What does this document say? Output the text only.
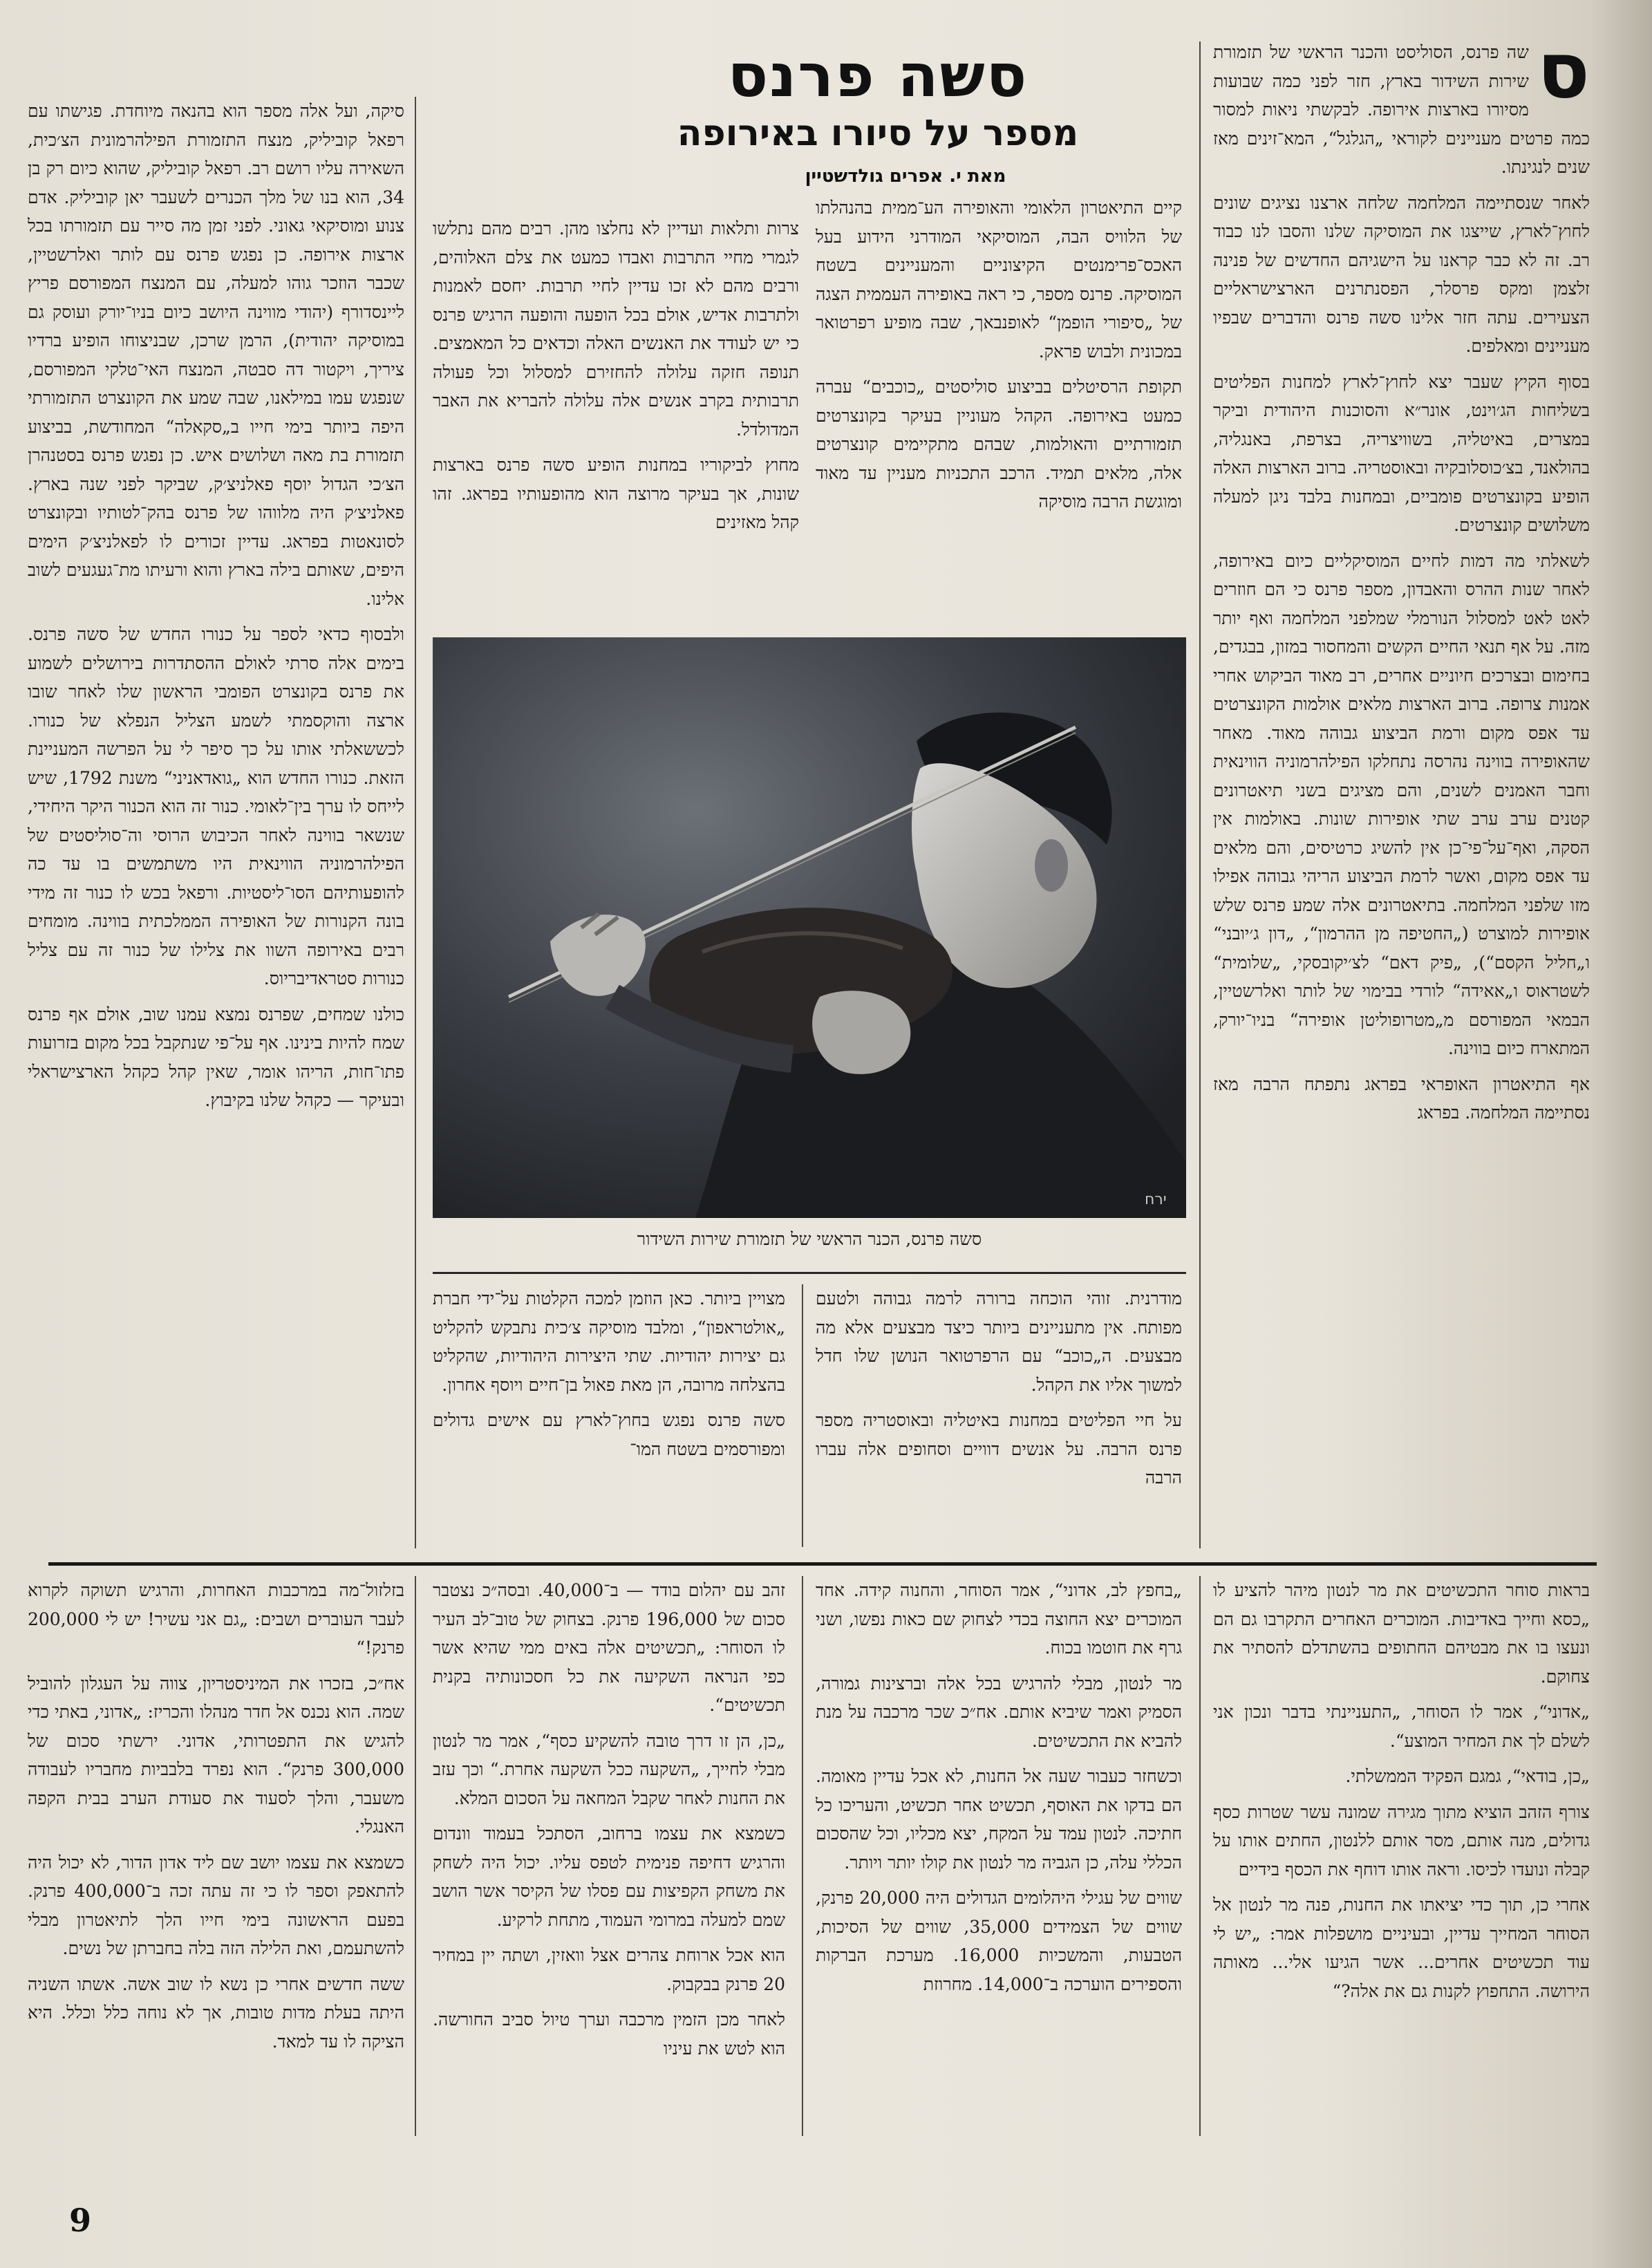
סשה פרנס
מספר על סיורו באירופה
מאת י. אפרים גולדשטיין
ס

שה פרנס, הסוליסט והכנר הראשי של תזמורת שירות השידור בארץ, חזר לפני כמה שבועות מסיורו בארצות אירופה. לבקשתי ניאות למסור כמה פרטים מעניינים לקוראי „הגלגל“, המא־זינים מאז שנים לנגינתו.

לאחר שנסתיימה המלחמה שלחה ארצנו נציגים שונים לחוץ־לארץ, שייצגו את המוסיקה שלנו והסבו לנו כבוד רב. זה לא כבר קראנו על הישגיהם החדשים של פנינה זלצמן ומקס פרסלר, הפסנתרנים הארצישראליים הצעירים. עתה חזר אלינו סשה פרנס והדברים שבפיו מעניינים ומאלפים.

בסוף הקיץ שעבר יצא לחוץ־לארץ למחנות הפליטים בשליחות הג׳וינט, אונר״א והסוכנות היהודית וביקר במצרים, באיטליה, בשוויצריה, בצרפת, באנגליה, בהולאנד, בצ׳כוסלובקיה ובאוסטריה. ברוב הארצות האלה הופיע בקונצרטים פומביים, ובמחנות בלבד ניגן למעלה משלושים קונצרטים.

לשאלתי מה דמות לחיים המוסיקליים כיום באירופה, לאחר שנות ההרס והאבדון, מספר פרנס כי הם חוזרים לאט לאט למסלול הנורמלי שמלפני המלחמה ואף יותר מזה. על אף תנאי החיים הקשים והמחסור במזון, בבגדים, בחימום ובצרכים חיוניים אחרים, רב מאוד הביקוש אחרי אמנות צרופה. ברוב הארצות מלאים אולמות הקונצרטים עד אפס מקום ורמת הביצוע גבוהה מאוד. מאחר שהאופירה בווינה נהרסה נתחלקו הפילהרמוניה הווינאית וחבר האמנים לשנים, והם מציגים בשני תיאטרונים קטנים ערב ערב שתי אופירות שונות. באולמות אין הסקה, ואף־על־פי־כן אין להשיג כרטיסים, והם מלאים עד אפס מקום, ואשר לרמת הביצוע הריהי גבוהה אפילו מזו שלפני המלחמה. בתיאטרונים אלה שמע פרנס שלש אופירות למוצרט („החטיפה מן ההרמון“, „דון ג׳יובני“ ו„חליל הקסם“), „פיק דאם“ לצ׳יקובסקי, „שלומית“ לשטראוס ו„אאידה“ לורדי בבימוי של לותר ואלרשטיין, הבמאי המפורסם מ„מטרופוליטן אופירה“ בניו־יורק, המתארח כיום בווינה.

אף התיאטרון האופראי בפראג נתפתח הרבה מאז נסתיימה המלחמה. בפראג

קיים התיאטרון הלאומי והאופירה הע־ממית בהנהלתו של הלוויס הבה, המוסיקאי המודרני הידוע בעל האכס־פרימנטים הקיצוניים והמעניינים בשטח המוסיקה. פרנס מספר, כי ראה באופירה העממית הצגה של „סיפורי הופמן“ לאופנבאך, שבה מופיע רפרטואר במכונית ולבוש פראק.

תקופת הרסיטלים בביצוע סוליסטים „כוכבים“ עברה כמעט באירופה. הקהל מעוניין בעיקר בקונצרטים תזמורתיים והאולמות, שבהם מתקיימים קונצרטים אלה, מלאים תמיד. הרכב התכניות מעניין עד מאוד ומוגשת הרבה מוסיקה

צרות ותלאות ועדיין לא נחלצו מהן. רבים מהם נתלשו לגמרי מחיי התרבות ואבדו כמעט את צלם האלוהים, ורבים מהם לא זכו עדיין לחיי תרבות. יחסם לאמנות ולתרבות אדיש, אולם בכל הופעה והופעה הרגיש פרנס כי יש לעודד את האנשים האלה וכדאים כל המאמצים. תנופה חזקה עלולה להחזירם למסלול וכל פעולה תרבותית בקרב אנשים אלה עלולה להבריא את האבר המדולדל.

מחוץ לביקוריו במחנות הופיע סשה פרנס בארצות שונות, אך בעיקר מרוצה הוא מהופעותיו בפראג. זהו קהל מאזינים

סיקה, ועל אלה מספר הוא בהנאה מיוחדת. פגישתו עם רפאל קוביליק, מנצח התזמורת הפילהרמונית הצ׳כית, השאירה עליו רושם רב. רפאל קוביליק, שהוא כיום רק בן 34, הוא בנו של מלך הכנרים לשעבר יאן קוביליק. אדם צנוע ומוסיקאי גאוני. לפני זמן מה סייר עם תזמורתו בכל ארצות אירופה. כן נפגש פרנס עם לותר ואלרשטיין, שכבר הוזכר גוהו למעלה, עם המנצח המפורסם פריץ ליינסדורף (יהודי מווינה היושב כיום בניו־יורק ועוסק גם במוסיקה יהודית), הרמן שרכן, שבניצוחו הופיע ברדיו ציריך, ויקטור דה סבטה, המנצח האי־טלקי המפורסם, שנפגש עמו במילאנו, שבה שמע את הקונצרט התזמורתי היפה ביותר בימי חייו ב„סקאלה“ המחודשת, בביצוע תזמורת בת מאה ושלושים איש. כן נפגש פרנס בסטנהרן הצ׳כי הגדול יוסף פאלניצ׳ק, שביקר לפני שנה בארץ. פאלניצ׳ק היה מלווהו של פרנס בהק־לטותיו ובקונצרט לסונאטות בפראג. עדיין זכורים לו לפאלניצ׳ק הימים היפים, שאותם בילה בארץ והוא ורעיתו מת־געגעים לשוב אלינו.

ולבסוף כדאי לספר על כנורו החדש של סשה פרנס. בימים אלה סרתי לאולם ההסתדרות בירושלים לשמוע את פרנס בקונצרט הפומבי הראשון שלו לאחר שובו ארצה והוקסמתי לשמע הצליל הנפלא של כנורו. לכששאלתי אותו על כך סיפר לי על הפרשה המעניינת הזאת. כנורו החדש הוא „גואדאניני“ משנת 1792, שיש לייחס לו ערך בין־לאומי. כנור זה הוא הכנור היקר היחידי, שנשאר בווינה לאחר הכיבוש הרוסי וה־סוליסטים של הפילהרמוניה הווינאית היו משתמשים בו עד כה להופעותיהם הסו־ליסטיות. ורפאל בכש לו כנור זה מידי בונה הקנורות של האופירה הממלכתית בווינה. מומחים רבים באירופה השוו את צלילו של כנור זה עם צליל כנורות סטראדיבריוס.

כולנו שמחים, שפרנס נמצא עמנו שוב, אולם אף פרנס שמח להיות בינינו. אף על־פי שנתקבל בכל מקום בזרועות פתו־חות, הריהו אומר, שאין קהל כקהל הארצישראלי ובעיקר — כקהל שלנו בקיבוץ.

ירח
סשה פרנס, הכנר הראשי של תזמורת שירות השידור

מודרנית. זוהי הוכחה ברורה לרמה גבוהה ולטעם מפותח. אין מתעניינים ביותר כיצד מבצעים אלא מה מבצעים. ה„כוכב“ עם הרפרטואר הנושן שלו חדל למשוך אליו את הקהל.

על חיי הפליטים במחנות באיטליה ובאוסטריה מספר פרנס הרבה. על אנשים דוויים וסחופים אלה עברו הרבה

מצויין ביותר. כאן הוזמן למכה הקלטות על־ידי חברת „אולטראפון“, ומלבד מוסיקה צ׳כית נתבקש להקליט גם יצירות יהודיות. שתי היצירות היהודיות, שהקליט בהצלחה מרובה, הן מאת פאול בן־חיים ויוסף אחרון.

סשה פרנס נפגש בחוץ־לארץ עם אישים גדולים ומפורסמים בשטח המו־

בראות סוחר התכשיטים את מר לנטון מיהר להציע לו „כסא וחייך באדיבות. המוכרים האחרים התקרבו גם הם ונעצו בו את מבטיהם החתופים בהשתדלם להסתיר את צחוקם.

„אדוני“, אמר לו הסוחר, „התעניינתי בדבר ונכון אני לשלם לך את המחיר המוצע“.

„כן, בודאי“, גמגם הפקיד הממשלתי.

צורף הזהב הוציא מתוך מגירה שמונה עשר שטרות כסף גדולים, מנה אותם, מסר אותם ללנטון, החתים אותו על קבלה ונועדו לכיסו. וראה אותו דוחף את הכסף בידיים

אחרי כן, תוך כדי יציאתו את החנות, פנה מר לנטון אל הסוחר המחייך עדיין, ובעיניים מושפלות אמר: „יש לי עוד תכשיטים אחרים... אשר הגיעו אלי... מאותה הירושה. התחפוץ לקנות גם את אלה?“

„בחפץ לב, אדוני“, אמר הסוחר, והחנוה קידה. אחד המוכרים יצא החוצה בכדי לצחוק שם כאות נפשו, ושני גרף את חוטמו בכוח.

מר לנטון, מבלי להרגיש בכל אלה וברצינות גמורה, הסמיק ואמר שיביא אותם. אח״כ שכר מרכבה על מנת להביא את התכשיטים.

וכשחזר כעבור שעה אל החנות, לא אכל עדיין מאומה. הם בדקו את האוסף, תכשיט אחר תכשיט, והעריכו כל חתיכה. לנטון עמד על המקח, יצא מכליו, וכל שהסכום הכללי עלה, כן הגביה מר לנטון את קולו יותר ויותר.

שווים של עגילי היהלומים הגדולים היה 20,000 פרנק, שווים של הצמידים 35,000, שווים של הסיכות, הטבעות, והמשכיות 16,000. מערכת הברקות והספירים הוערכה ב־14,000. מחרוזת

זהב עם יהלום בודד — ב־40,000. ובסה״כ נצטבר סכום של 196,000 פרנק. בצחוק של טוב־לב העיר לו הסוחר: „תכשיטים אלה באים ממי שהיא אשר כפי הנראה השקיעה את כל חסכונותיה בקנית תכשיטים“.

„כן, הן זו דרך טובה להשקיע כסף“, אמר מר לנטון מבלי לחייך, „השקעה ככל השקעה אחרת.“ וכך עזב את החנות לאחר שקבל המחאה על הסכום המלא.

כשמצא את עצמו ברחוב, הסתכל בעמוד וונדום והרגיש דחיפה פנימית לטפס עליו. יכול היה לשחק את משחק הקפיצות עם פסלו של הקיסר אשר הושב שמם למעלה במרומי העמוד, מתחת לרקיע.

הוא אכל ארוחת צהרים אצל וואזין, ושתה יין במחיר 20 פרנק בבקבוק.

לאחר מכן הזמין מרכבה וערך טיול סביב החורשה. הוא לטש את עיניו

בזלזול־מה במרכבות האחרות, והרגיש תשוקה לקרוא לעבר העוברים ושבים: „גם אני עשיר! יש לי 200,000 פרנק!“

אח״כ, בזכרו את המיניסטריון, צווה על העגלון להוביל שמה. הוא נכנס אל חדר מנהלו והכריז: „אדוני, באתי כדי להגיש את התפטרותי, אדוני. ירשתי סכום של 300,000 פרנק“. הוא נפרד בלבביות מחבריו לעבודה משעבר, והלך לסעוד את סעודת הערב בבית הקפה האנגלי.

כשמצא את עצמו יושב שם ליד אדון הדור, לא יכול היה להתאפק וספר לו כי זה עתה זכה ב־400,000 פרנק. בפעם הראשונה בימי חייו הלך לתיאטרון מבלי להשתעמם, ואת הלילה הזה בלה בחברתן של נשים.

ששה חדשים אחרי כן נשא לו שוב אשה. אשתו השניה היתה בעלת מדות טובות, אך לא נוחה כלל וכלל. היא הציקה לו עד למאד.

9
